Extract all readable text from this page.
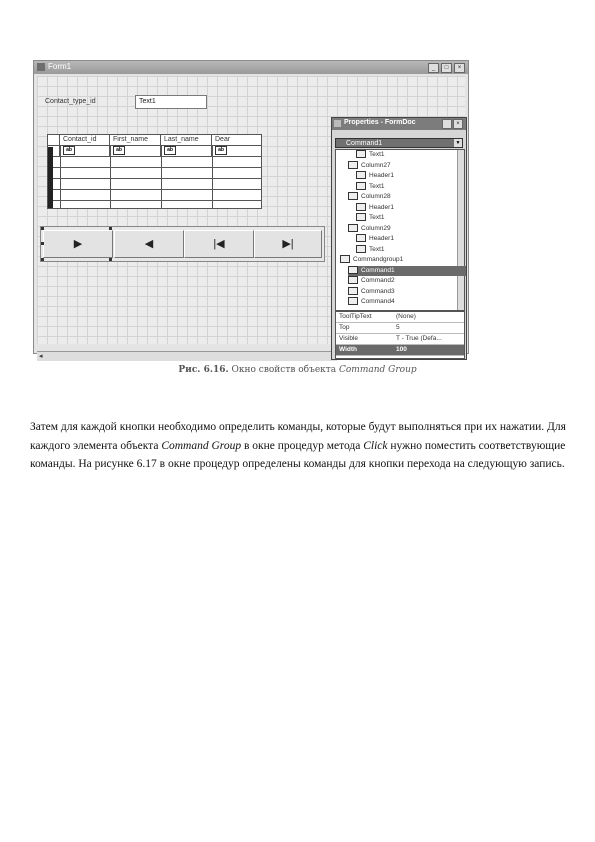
Form1	_	□	×
Contact_type_id	Text1
Contact_id	First_name	Last_name	Dear
ab	ab	ab	ab
▶	◀	|◀	▶|
◂
Properties - FormDoc	×
Command1	▼
Text1
Column27
Header1
Text1
Column28
Header1
Text1
Column29
Header1
Text1
Commandgroup1
Command1
Command2
Command3
Command4
ToolTipText	(None)
Top	5
Visible	T - True (Defa...
Width	100
Рис. 6.16. Окно свойств объекта Command Group
Затем для каждой кнопки необходимо определить команды, которые будут выполняться при их нажатии. Для каждого элемента объекта Command Group в окне процедур метода Click нужно поместить соответствующие команды. На рисунке 6.17 в окне процедур определены команды для кнопки перехода на следующую запись.
